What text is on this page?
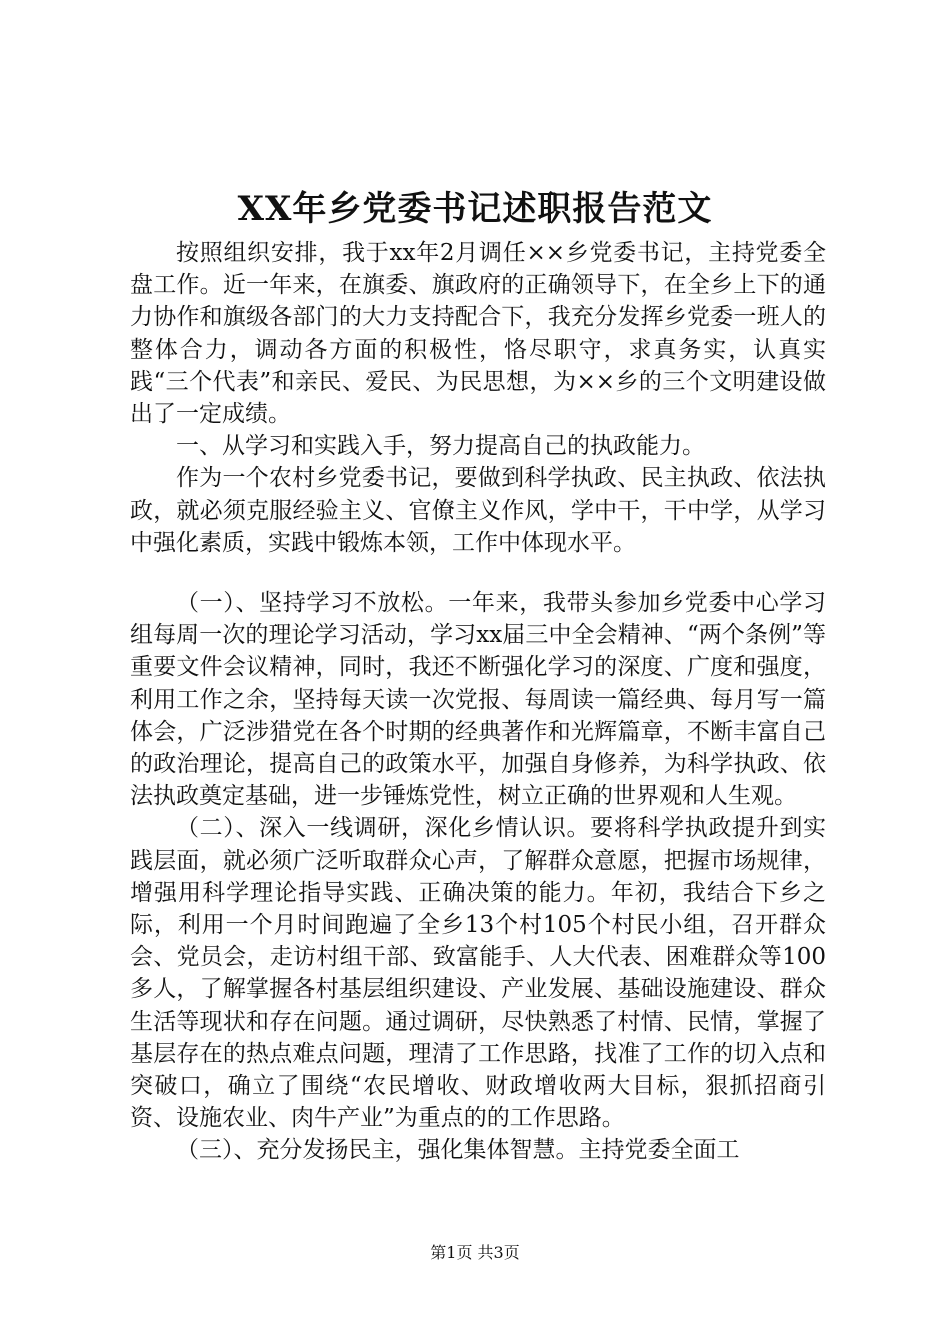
XX年乡党委书记述职报告范文

按照组织安排，我于xx年2月调任××乡党委书记，主持党委全盘工作。近一年来，在旗委、旗政府的正确领导下，在全乡上下的通力协作和旗级各部门的大力支持配合下，我充分发挥乡党委一班人的整体合力，调动各方面的积极性，恪尽职守，求真务实，认真实践“三个代表”和亲民、爱民、为民思想，为××乡的三个文明建设做出了一定成绩。

一、从学习和实践入手，努力提高自己的执政能力。

作为一个农村乡党委书记，要做到科学执政、民主执政、依法执政，就必须克服经验主义、官僚主义作风，学中干，干中学，从学习中强化素质，实践中锻炼本领，工作中体现水平。

（一）、坚持学习不放松。一年来，我带头参加乡党委中心学习组每周一次的理论学习活动，学习xx届三中全会精神、“两个条例”等重要文件会议精神，同时，我还不断强化学习的深度、广度和强度，利用工作之余，坚持每天读一次党报、每周读一篇经典、每月写一篇体会，广泛涉猎党在各个时期的经典著作和光辉篇章，不断丰富自己的政治理论，提高自己的政策水平，加强自身修养，为科学执政、依法执政奠定基础，进一步锤炼党性，树立正确的世界观和人生观。

（二）、深入一线调研，深化乡情认识。要将科学执政提升到实践层面，就必须广泛听取群众心声，了解群众意愿，把握市场规律，增强用科学理论指导实践、正确决策的能力。年初，我结合下乡之际，利用一个月时间跑遍了全乡13个村105个村民小组，召开群众会、党员会，走访村组干部、致富能手、人大代表、困难群众等100多人，了解掌握各村基层组织建设、产业发展、基础设施建设、群众生活等现状和存在问题。通过调研，尽快熟悉了村情、民情，掌握了基层存在的热点难点问题，理清了工作思路，找准了工作的切入点和突破口，确立了围绕“农民增收、财政增收两大目标，狠抓招商引资、设施农业、肉牛产业”为重点的的工作思路。

（三）、充分发扬民主，强化集体智慧。主持党委全面工

第1页 共3页
